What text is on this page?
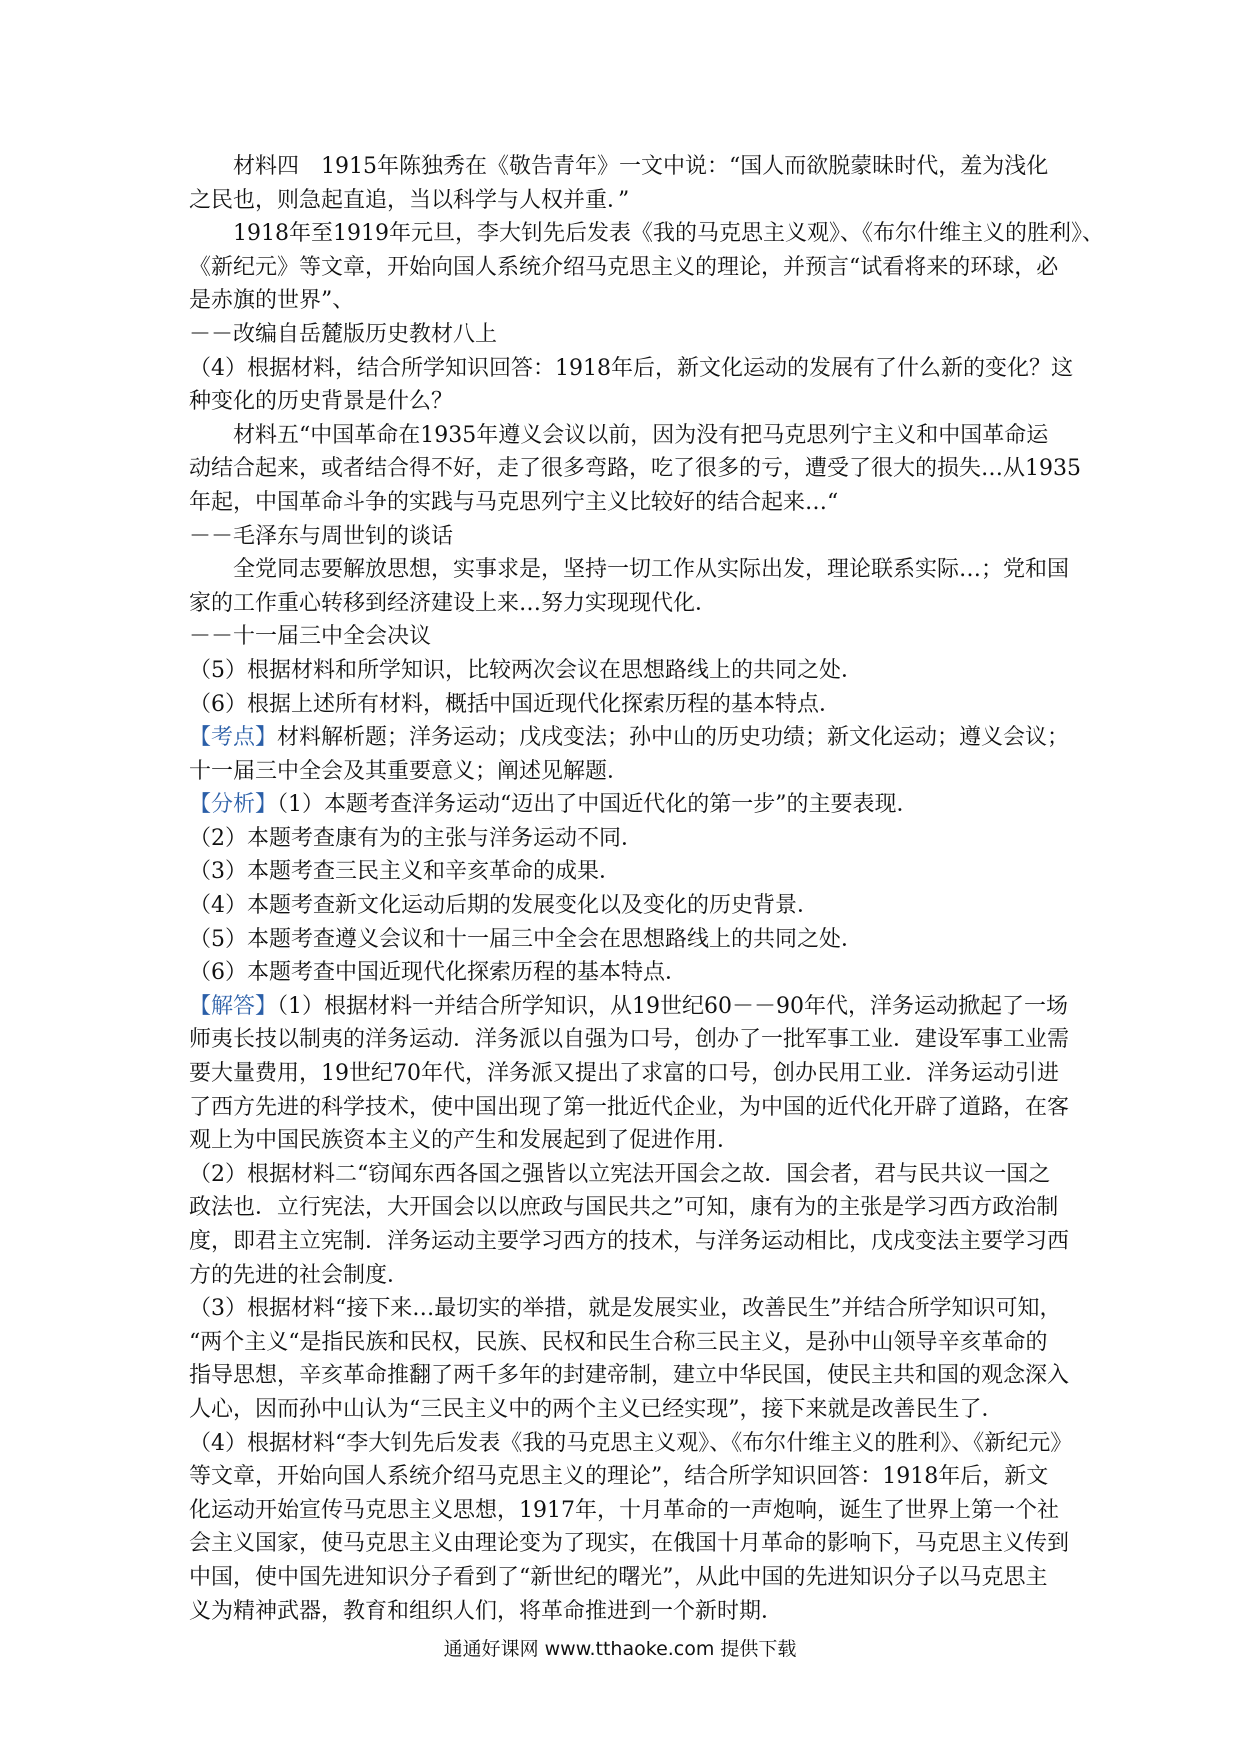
材料四　1915年陈独秀在《敬告青年》一文中说：“国人而欲脱蒙昧时代，羞为浅化
之民也，则急起直追，当以科学与人权并重．”
1918年至1919年元旦，李大钊先后发表《我的马克思主义观》、《布尔什维主义的胜利》、
《新纪元》等文章，开始向国人系统介绍马克思主义的理论，并预言“试看将来的环球，必
是赤旗的世界”、
－－改编自岳麓版历史教材八上
（4）根据材料，结合所学知识回答：1918年后，新文化运动的发展有了什么新的变化？这
种变化的历史背景是什么？
材料五“中国革命在1935年遵义会议以前，因为没有把马克思列宁主义和中国革命运
动结合起来，或者结合得不好，走了很多弯路，吃了很多的亏，遭受了很大的损失…从1935
年起，中国革命斗争的实践与马克思列宁主义比较好的结合起来…“
－－毛泽东与周世钊的谈话
全党同志要解放思想，实事求是，坚持一切工作从实际出发，理论联系实际…；党和国
家的工作重心转移到经济建设上来…努力实现现代化．
－－十一届三中全会决议
（5）根据材料和所学知识，比较两次会议在思想路线上的共同之处．
（6）根据上述所有材料，概括中国近现代化探索历程的基本特点．
【考点】材料解析题；洋务运动；戊戌变法；孙中山的历史功绩；新文化运动；遵义会议；
十一届三中全会及其重要意义；阐述见解题．
【分析】（1）本题考查洋务运动“迈出了中国近代化的第一步”的主要表现．
（2）本题考查康有为的主张与洋务运动不同．
（3）本题考查三民主义和辛亥革命的成果．
（4）本题考查新文化运动后期的发展变化以及变化的历史背景．
（5）本题考查遵义会议和十一届三中全会在思想路线上的共同之处．
（6）本题考查中国近现代化探索历程的基本特点．
【解答】（1）根据材料一并结合所学知识，从19世纪60－－90年代，洋务运动掀起了一场
师夷长技以制夷的洋务运动．洋务派以自强为口号，创办了一批军事工业．建设军事工业需
要大量费用，19世纪70年代，洋务派又提出了求富的口号，创办民用工业．洋务运动引进
了西方先进的科学技术，使中国出现了第一批近代企业，为中国的近代化开辟了道路，在客
观上为中国民族资本主义的产生和发展起到了促进作用．
（2）根据材料二“窃闻东西各国之强皆以立宪法开国会之故．国会者，君与民共议一国之
政法也．立行宪法，大开国会以以庶政与国民共之”可知，康有为的主张是学习西方政治制
度，即君主立宪制．洋务运动主要学习西方的技术，与洋务运动相比，戊戌变法主要学习西
方的先进的社会制度．
（3）根据材料“接下来…最切实的举措，就是发展实业，改善民生”并结合所学知识可知，
“两个主义“是指民族和民权，民族、民权和民生合称三民主义，是孙中山领导辛亥革命的
指导思想，辛亥革命推翻了两千多年的封建帝制，建立中华民国，使民主共和国的观念深入
人心，因而孙中山认为“三民主义中的两个主义已经实现”，接下来就是改善民生了．
（4）根据材料“李大钊先后发表《我的马克思主义观》、《布尔什维主义的胜利》、《新纪元》
等文章，开始向国人系统介绍马克思主义的理论”，结合所学知识回答：1918年后，新文
化运动开始宣传马克思主义思想，1917年，十月革命的一声炮响，诞生了世界上第一个社
会主义国家，使马克思主义由理论变为了现实，在俄国十月革命的影响下，马克思主义传到
中国，使中国先进知识分子看到了“新世纪的曙光”，从此中国的先进知识分子以马克思主
义为精神武器，教育和组织人们，将革命推进到一个新时期．
通通好课网 www.tthaoke.com 提供下载
